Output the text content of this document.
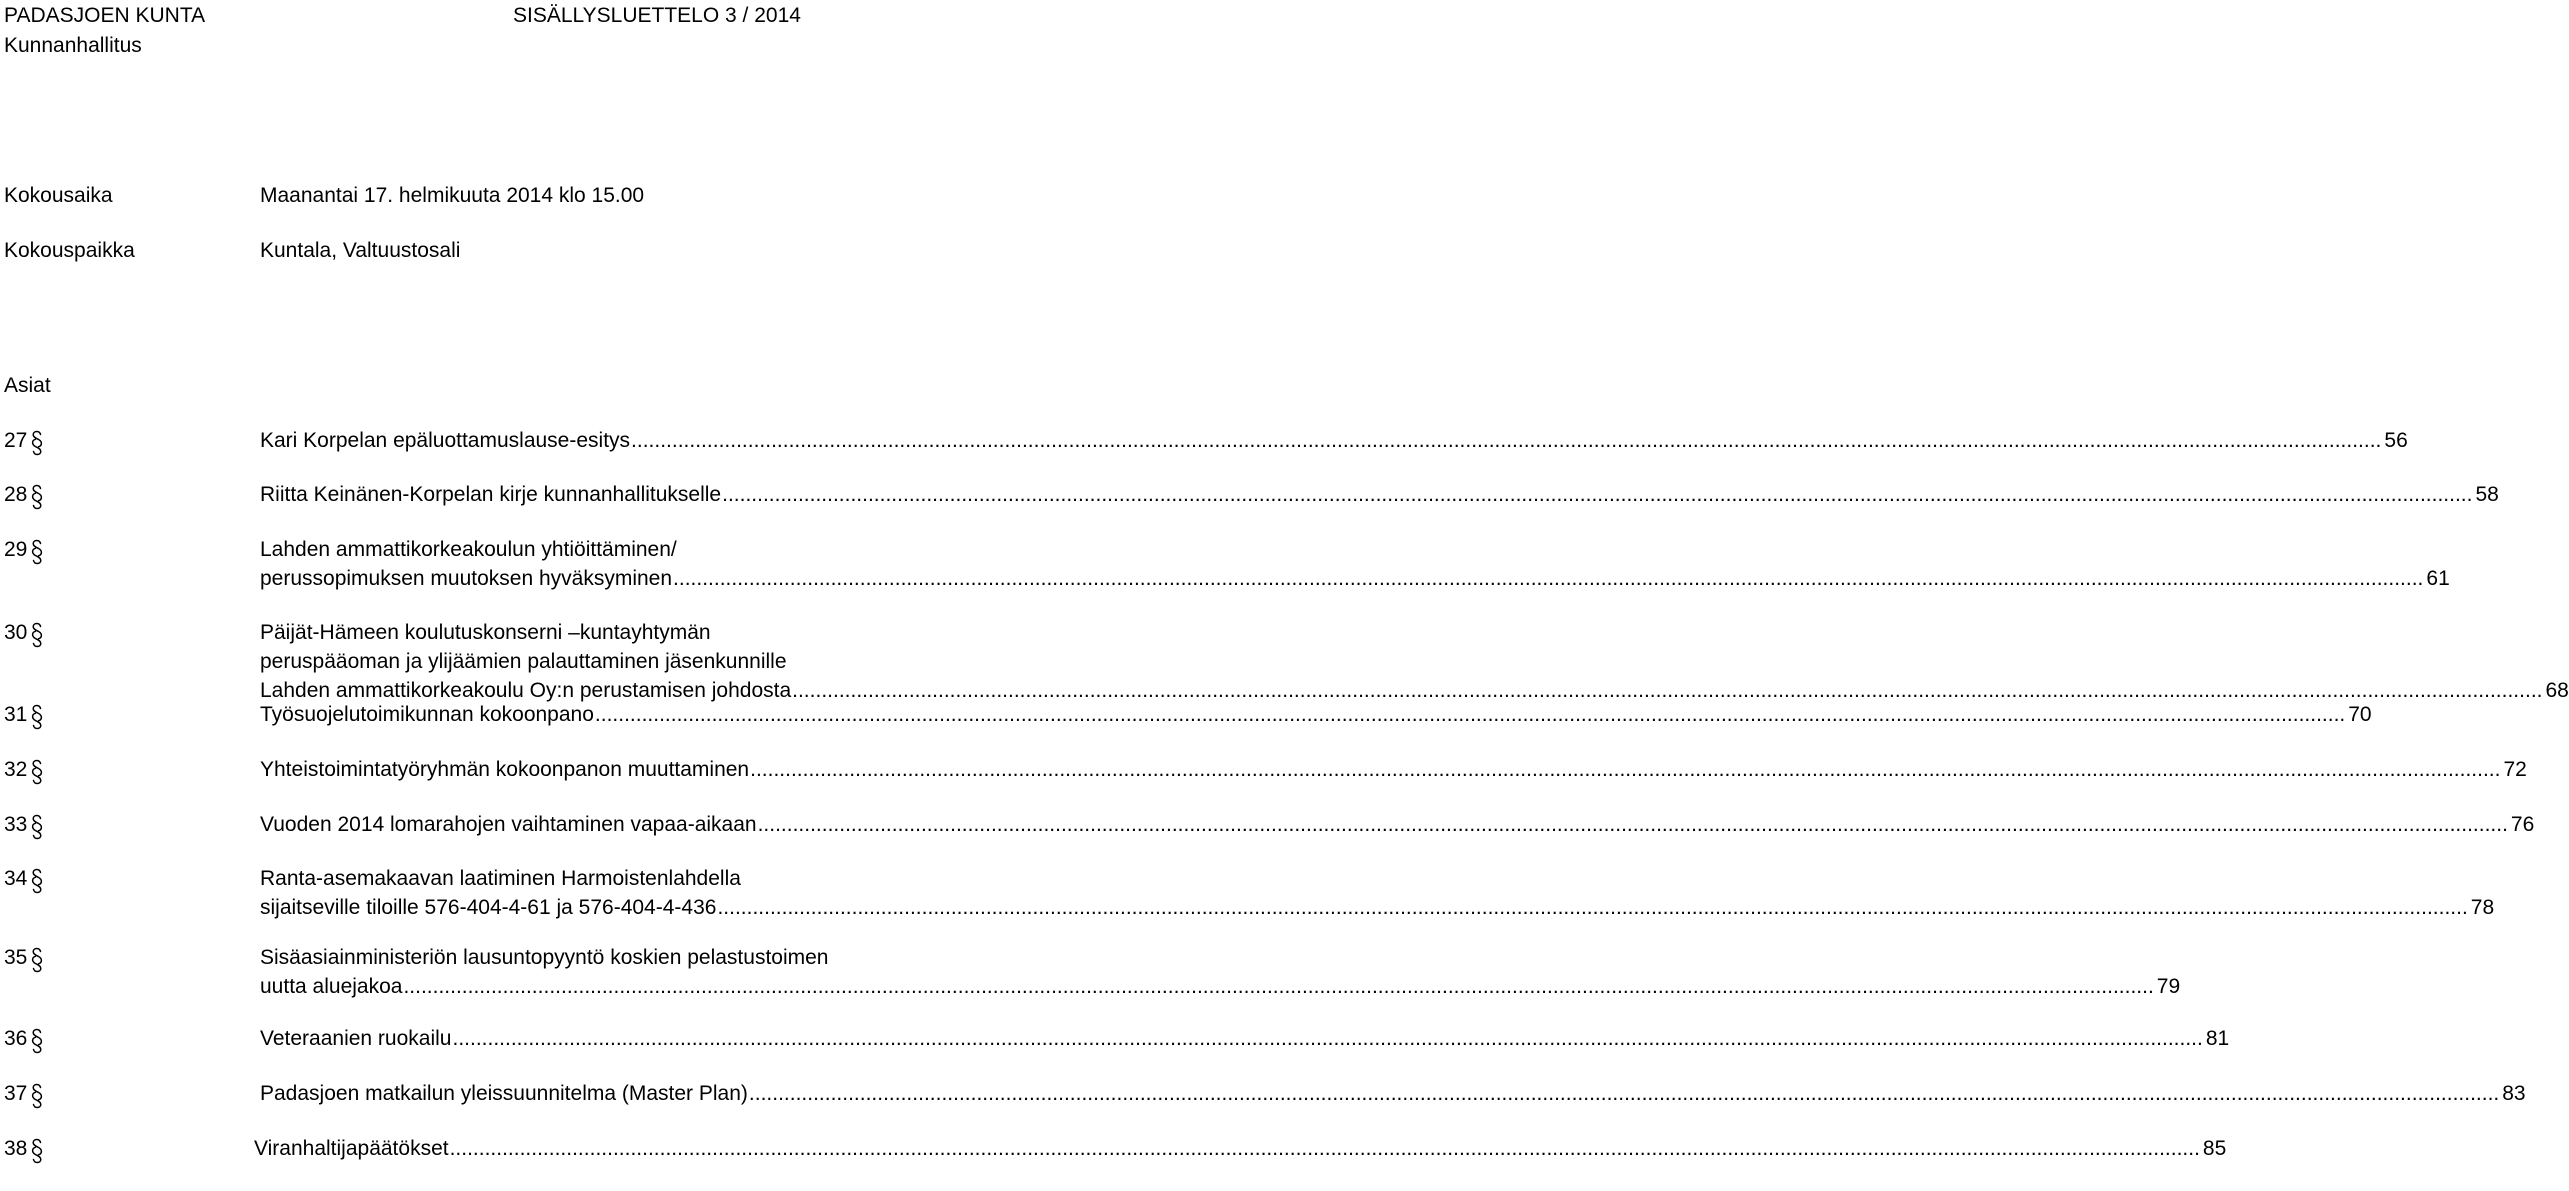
PADASJOEN KUNTA	SISÄLLYSLUETTELO 3 / 2014
Kunnanhallitus
Kokousaika	Maanantai 17. helmikuuta 2014 klo 15.00
Kokouspaikka	Kuntala, Valtuustosali
Asiat
27	Kari Korpelan epäluottamuslause-esitys ............................................................................................................................................................................................................................................................................................................ 56
28	Riitta Keinänen-Korpelan kirje kunnanhallitukselle ............................................................................................................................................................................................................................................................................................................ 58
29	Lahden ammattikorkeakoulun yhtiöittäminen/
perussopimuksen muutoksen hyväksyminen ............................................................................................................................................................................................................................................................................................................ 61
30	Päijät-Hämeen koulutuskonserni –kuntayhtymän
peruspääoman ja ylijäämien palauttaminen jäsenkunnille
Lahden ammattikorkeakoulu Oy:n perustamisen johdosta ............................................................................................................................................................................................................................................................................................................ 68
31	Työsuojelutoimikunnan kokoonpano ............................................................................................................................................................................................................................................................................................................ 70
32	Yhteistoimintatyöryhmän kokoonpanon muuttaminen ............................................................................................................................................................................................................................................................................................................ 72
33	Vuoden 2014 lomarahojen vaihtaminen vapaa-aikaan ............................................................................................................................................................................................................................................................................................................ 76
34	Ranta-asemakaavan laatiminen Harmoistenlahdella
sijaitseville tiloille 576-404-4-61 ja 576-404-4-436 ............................................................................................................................................................................................................................................................................................................ 78
35	Sisäasiainministeriön lausuntopyyntö koskien pelastustoimen
uutta aluejakoa ............................................................................................................................................................................................................................................................................................................ 79
36	Veteraanien ruokailu ............................................................................................................................................................................................................................................................................................................ 81
37	Padasjoen matkailun yleissuunnitelma (Master Plan) ............................................................................................................................................................................................................................................................................................................ 83
38	Viranhaltijapäätökset ............................................................................................................................................................................................................................................................................................................ 85
